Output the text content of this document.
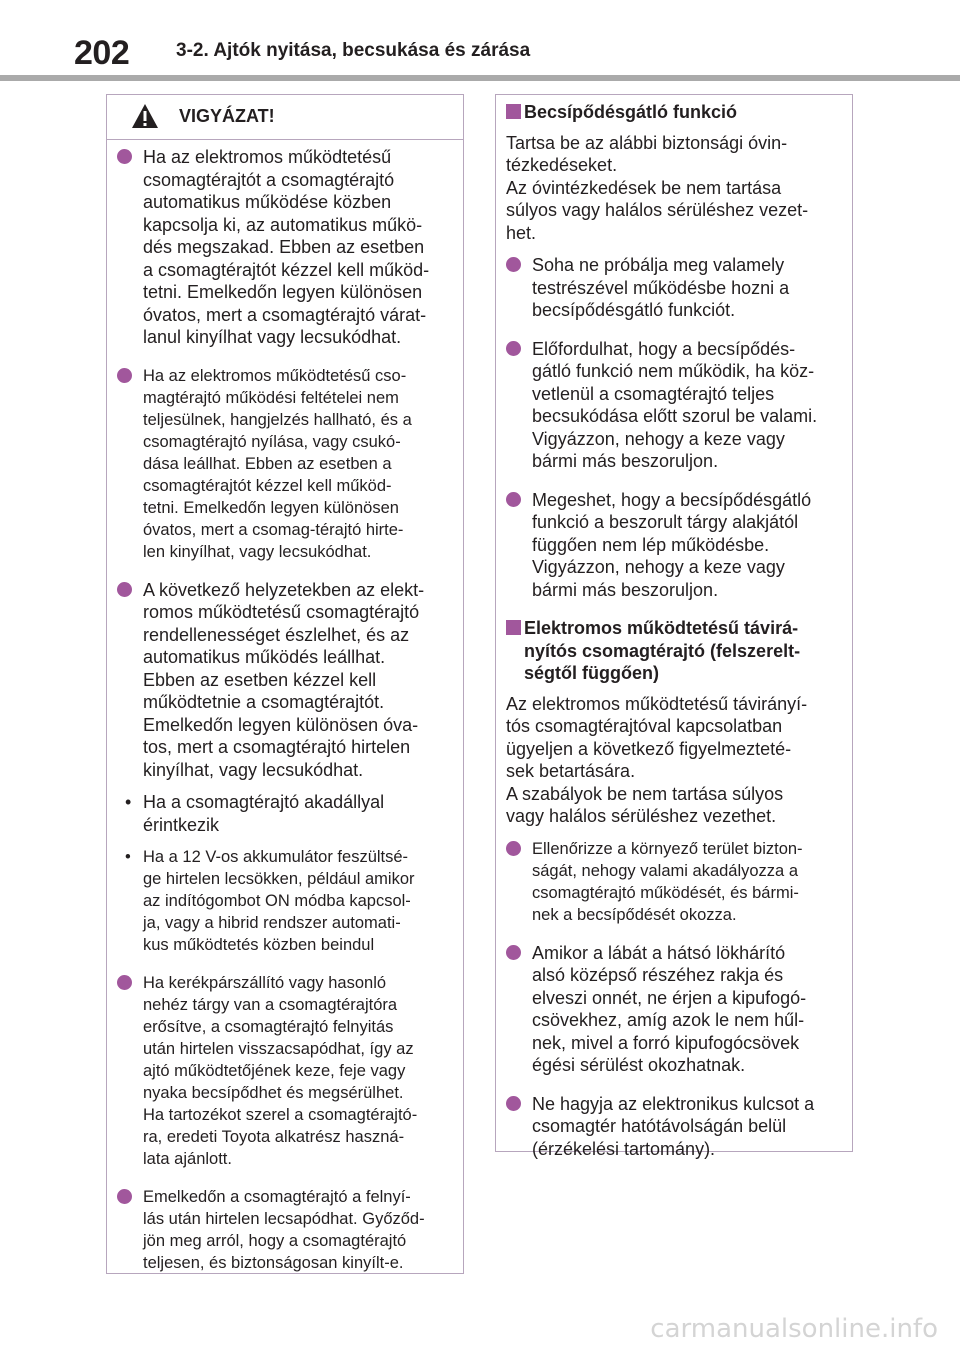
202 3-2. Ajtók nyitása, becsukása és zárása
VIGYÁZAT!
Ha az elektromos működtetésű
csomagtérajtót a csomagtérajtó
automatikus működése közben
kapcsolja ki, az automatikus műkö-
dés megszakad. Ebben az esetben
a csomagtérajtót kézzel kell működ-
tetni. Emelkedőn legyen különösen
óvatos, mert a csomagtérajtó várat-
lanul kinyílhat vagy lecsukódhat.
Ha az elektromos működtetésű cso-
magtérajtó működési feltételei nem
teljesülnek, hangjelzés hallható, és a
csomagtérajtó nyílása, vagy csukó-
dása leállhat. Ebben az esetben a
csomagtérajtót kézzel kell működ-
tetni. Emelkedőn legyen különösen
óvatos, mert a csomag-térajtó hirte-
len kinyílhat, vagy lecsukódhat.
A következő helyzetekben az elekt-
romos működtetésű csomagtérajtó
rendellenességet észlelhet, és az
automatikus működés leállhat.
Ebben az esetben kézzel kell
működtetnie a csomagtérajtót.
Emelkedőn legyen különösen óva-
tos, mert a csomagtérajtó hirtelen
kinyílhat, vagy lecsukódhat.
• Ha a csomagtérajtó akadállyal
érintkezik
• Ha a 12 V-os akkumulátor feszültsé-
ge hirtelen lecsökken, például amikor
az indítógombot ON módba kapcsol-
ja, vagy a hibrid rendszer automati-
kus működtetés közben beindul
Ha kerékpárszállító vagy hasonló
nehéz tárgy van a csomagtérajtóra
erősítve, a csomagtérajtó felnyitás
után hirtelen visszacsapódhat, így az
ajtó működtetőjének keze, feje vagy
nyaka becsípődhet és megsérülhet.
Ha tartozékot szerel a csomagtérajtó-
ra, eredeti Toyota alkatrész haszná-
lata ajánlott.
Emelkedőn a csomagtérajtó a felnyí-
lás után hirtelen lecsapódhat. Győződ-
jön meg arról, hogy a csomagtérajtó
teljesen, és biztonságosan kinyílt-e.
Becsípődésgátló funkció
Tartsa be az alábbi biztonsági óvin-
tézkedéseket.
Az óvintézkedések be nem tartása
súlyos vagy halálos sérüléshez vezet-
het.
Soha ne próbálja meg valamely
testrészével működésbe hozni a
becsípődésgátló funkciót.
Előfordulhat, hogy a becsípődés-
gátló funkció nem működik, ha köz-
vetlenül a csomagtérajtó teljes
becsukódása előtt szorul be valami.
Vigyázzon, nehogy a keze vagy
bármi más beszoruljon.
Megeshet, hogy a becsípődésgátló
funkció a beszorult tárgy alakjától
függően nem lép működésbe.
Vigyázzon, nehogy a keze vagy
bármi más beszoruljon.
Elektromos működtetésű távirá-
nyítós csomagtérajtó (felszerelt-
ségtől függően)
Az elektromos működtetésű távirányí-
tós csomagtérajtóval kapcsolatban
ügyeljen a következő figyelmezteté-
sek betartására.
A szabályok be nem tartása súlyos
vagy halálos sérüléshez vezethet.
Ellenőrizze a környező terület bizton-
ságát, nehogy valami akadályozza a
csomagtérajtó működését, és bármi-
nek a becsípődését okozza.
Amikor a lábát a hátsó lökhárító
alsó középső részéhez rakja és
elveszi onnét, ne érjen a kipufogó-
csövekhez, amíg azok le nem hűl-
nek, mivel a forró kipufogócsövek
égési sérülést okozhatnak.
Ne hagyja az elektronikus kulcsot a
csomagtér hatótávolságán belül
(érzékelési tartomány).
carmanualsonline.info
